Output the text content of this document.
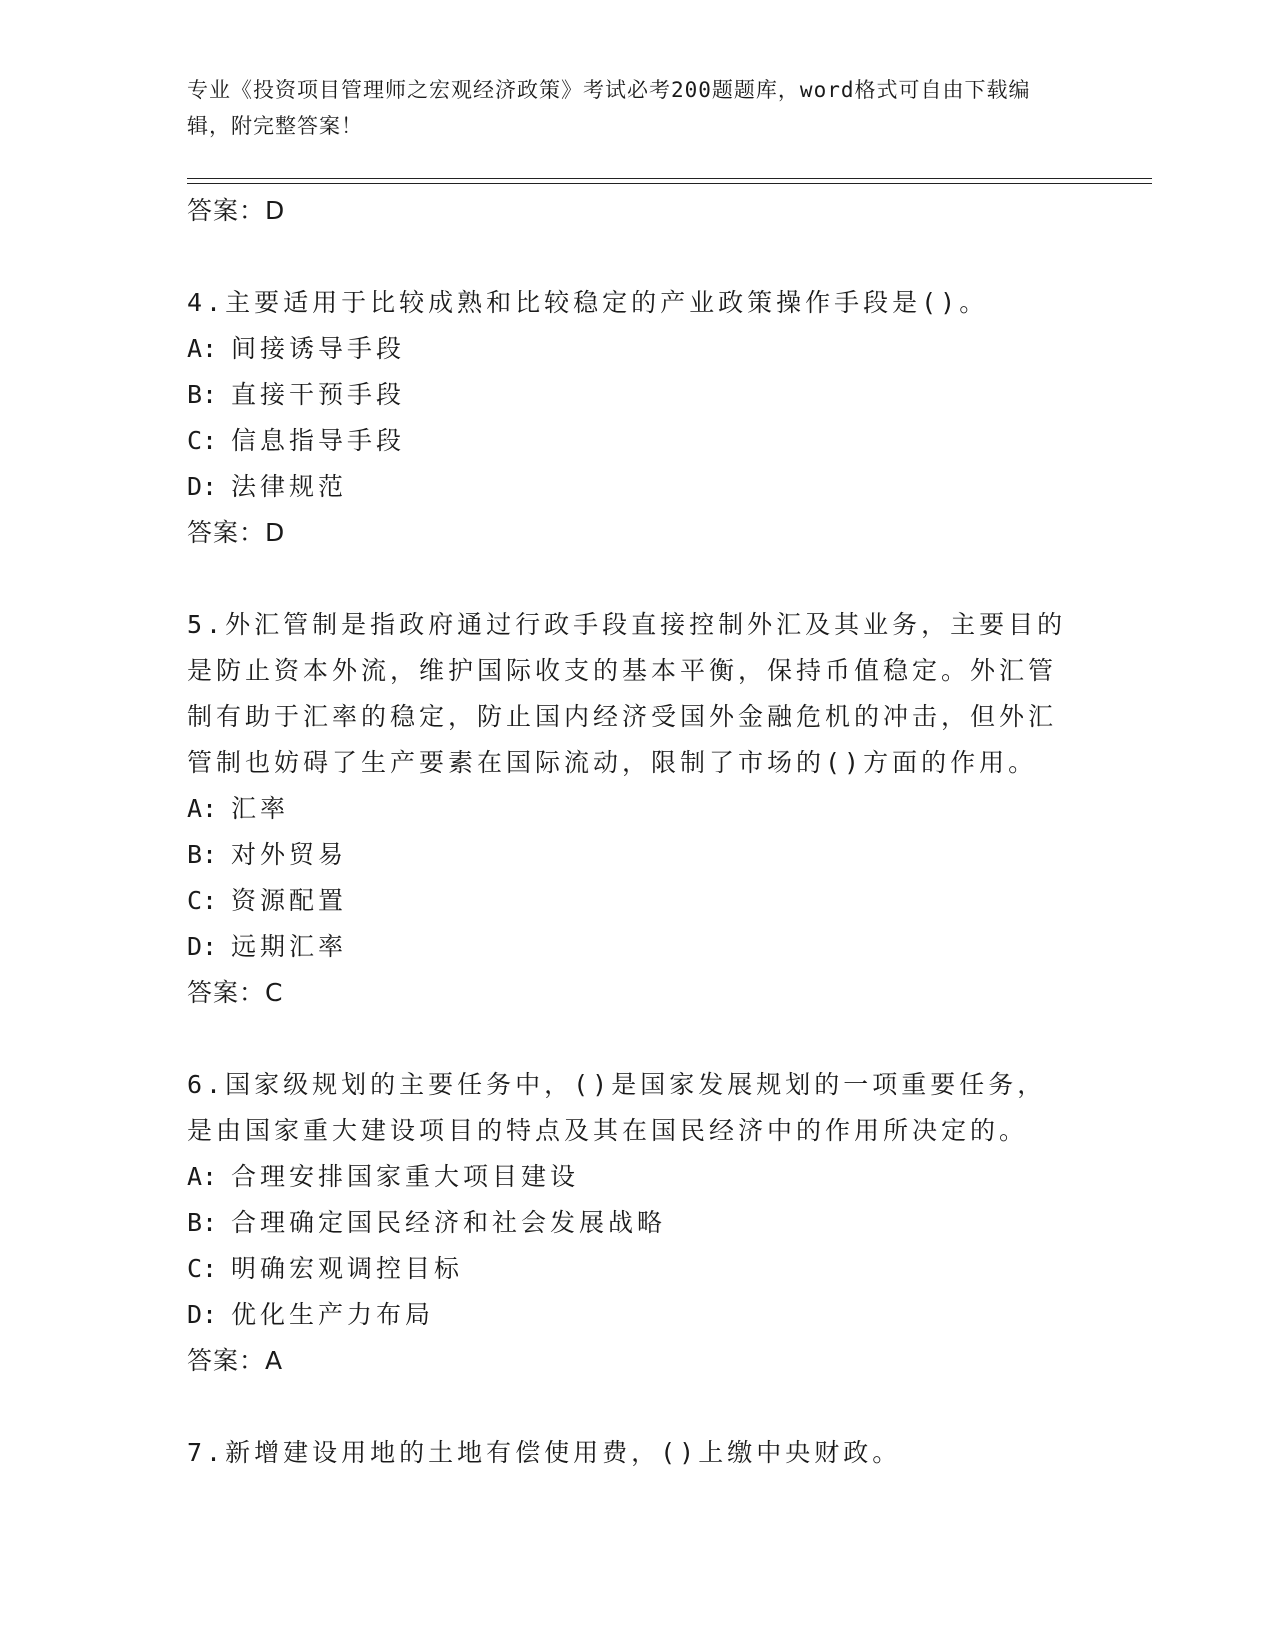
专业《投资项目管理师之宏观经济政策》考试必考200题题库，word格式可自由下载编辑，附完整答案！
答案：D
4.主要适用于比较成熟和比较稳定的产业政策操作手段是()。
A: 间接诱导手段
B: 直接干预手段
C: 信息指导手段
D: 法律规范
答案：D
5.外汇管制是指政府通过行政手段直接控制外汇及其业务，主要目的是防止资本外流，维护国际收支的基本平衡，保持币值稳定。外汇管制有助于汇率的稳定，防止国内经济受国外金融危机的冲击，但外汇管制也妨碍了生产要素在国际流动，限制了市场的()方面的作用。
A: 汇率
B: 对外贸易
C: 资源配置
D: 远期汇率
答案：C
6.国家级规划的主要任务中，()是国家发展规划的一项重要任务，是由国家重大建设项目的特点及其在国民经济中的作用所决定的。
A: 合理安排国家重大项目建设
B: 合理确定国民经济和社会发展战略
C: 明确宏观调控目标
D: 优化生产力布局
答案：A
7.新增建设用地的土地有偿使用费，()上缴中央财政。
